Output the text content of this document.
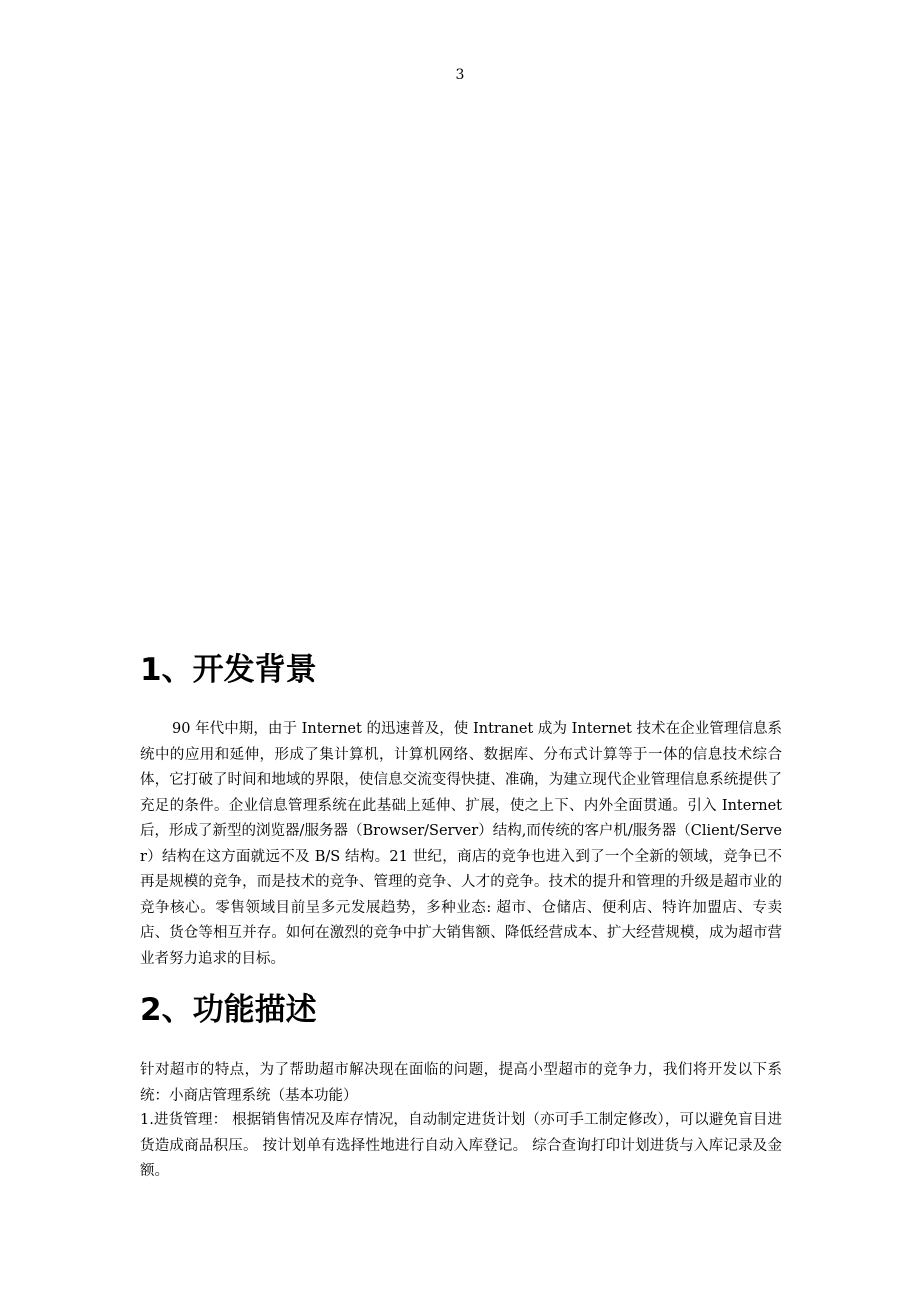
3
1、开发背景

90 年代中期，由于 Internet 的迅速普及，使 Intranet 成为 Internet 技术在企业管理信息系统中的应用和延伸，形成了集计算机，计算机网络、数据库、分布式计算等于一体的信息技术综合体，它打破了时间和地域的界限，使信息交流变得快捷、准确，为建立现代企业管理信息系统提供了充足的条件。企业信息管理系统在此基础上延伸、扩展，使之上下、内外全面贯通。引入 Internet 后，形成了新型的浏览器/服务器（Browser/Server）结构,而传统的客户机/服务器（Client/Server）结构在这方面就远不及 B/S 结构。21 世纪，商店的竞争也进入到了一个全新的领域，竞争已不再是规模的竞争，而是技术的竞争、管理的竞争、人才的竞争。技术的提升和管理的升级是超市业的竞争核心。零售领域目前呈多元发展趋势，多种业态: 超市、仓储店、便利店、特许加盟店、专卖店、货仓等相互并存。如何在激烈的竞争中扩大销售额、降低经营成本、扩大经营规模，成为超市营业者努力追求的目标。

2、功能描述

针对超市的特点，为了帮助超市解决现在面临的问题，提高小型超市的竞争力，我们将开发以下系统：小商店管理系统（基本功能）

1.进货管理： 根据销售情况及库存情况，自动制定进货计划（亦可手工制定修改），可以避免盲目进货造成商品积压。 按计划单有选择性地进行自动入库登记。 综合查询打印计划进货与入库记录及金额。
